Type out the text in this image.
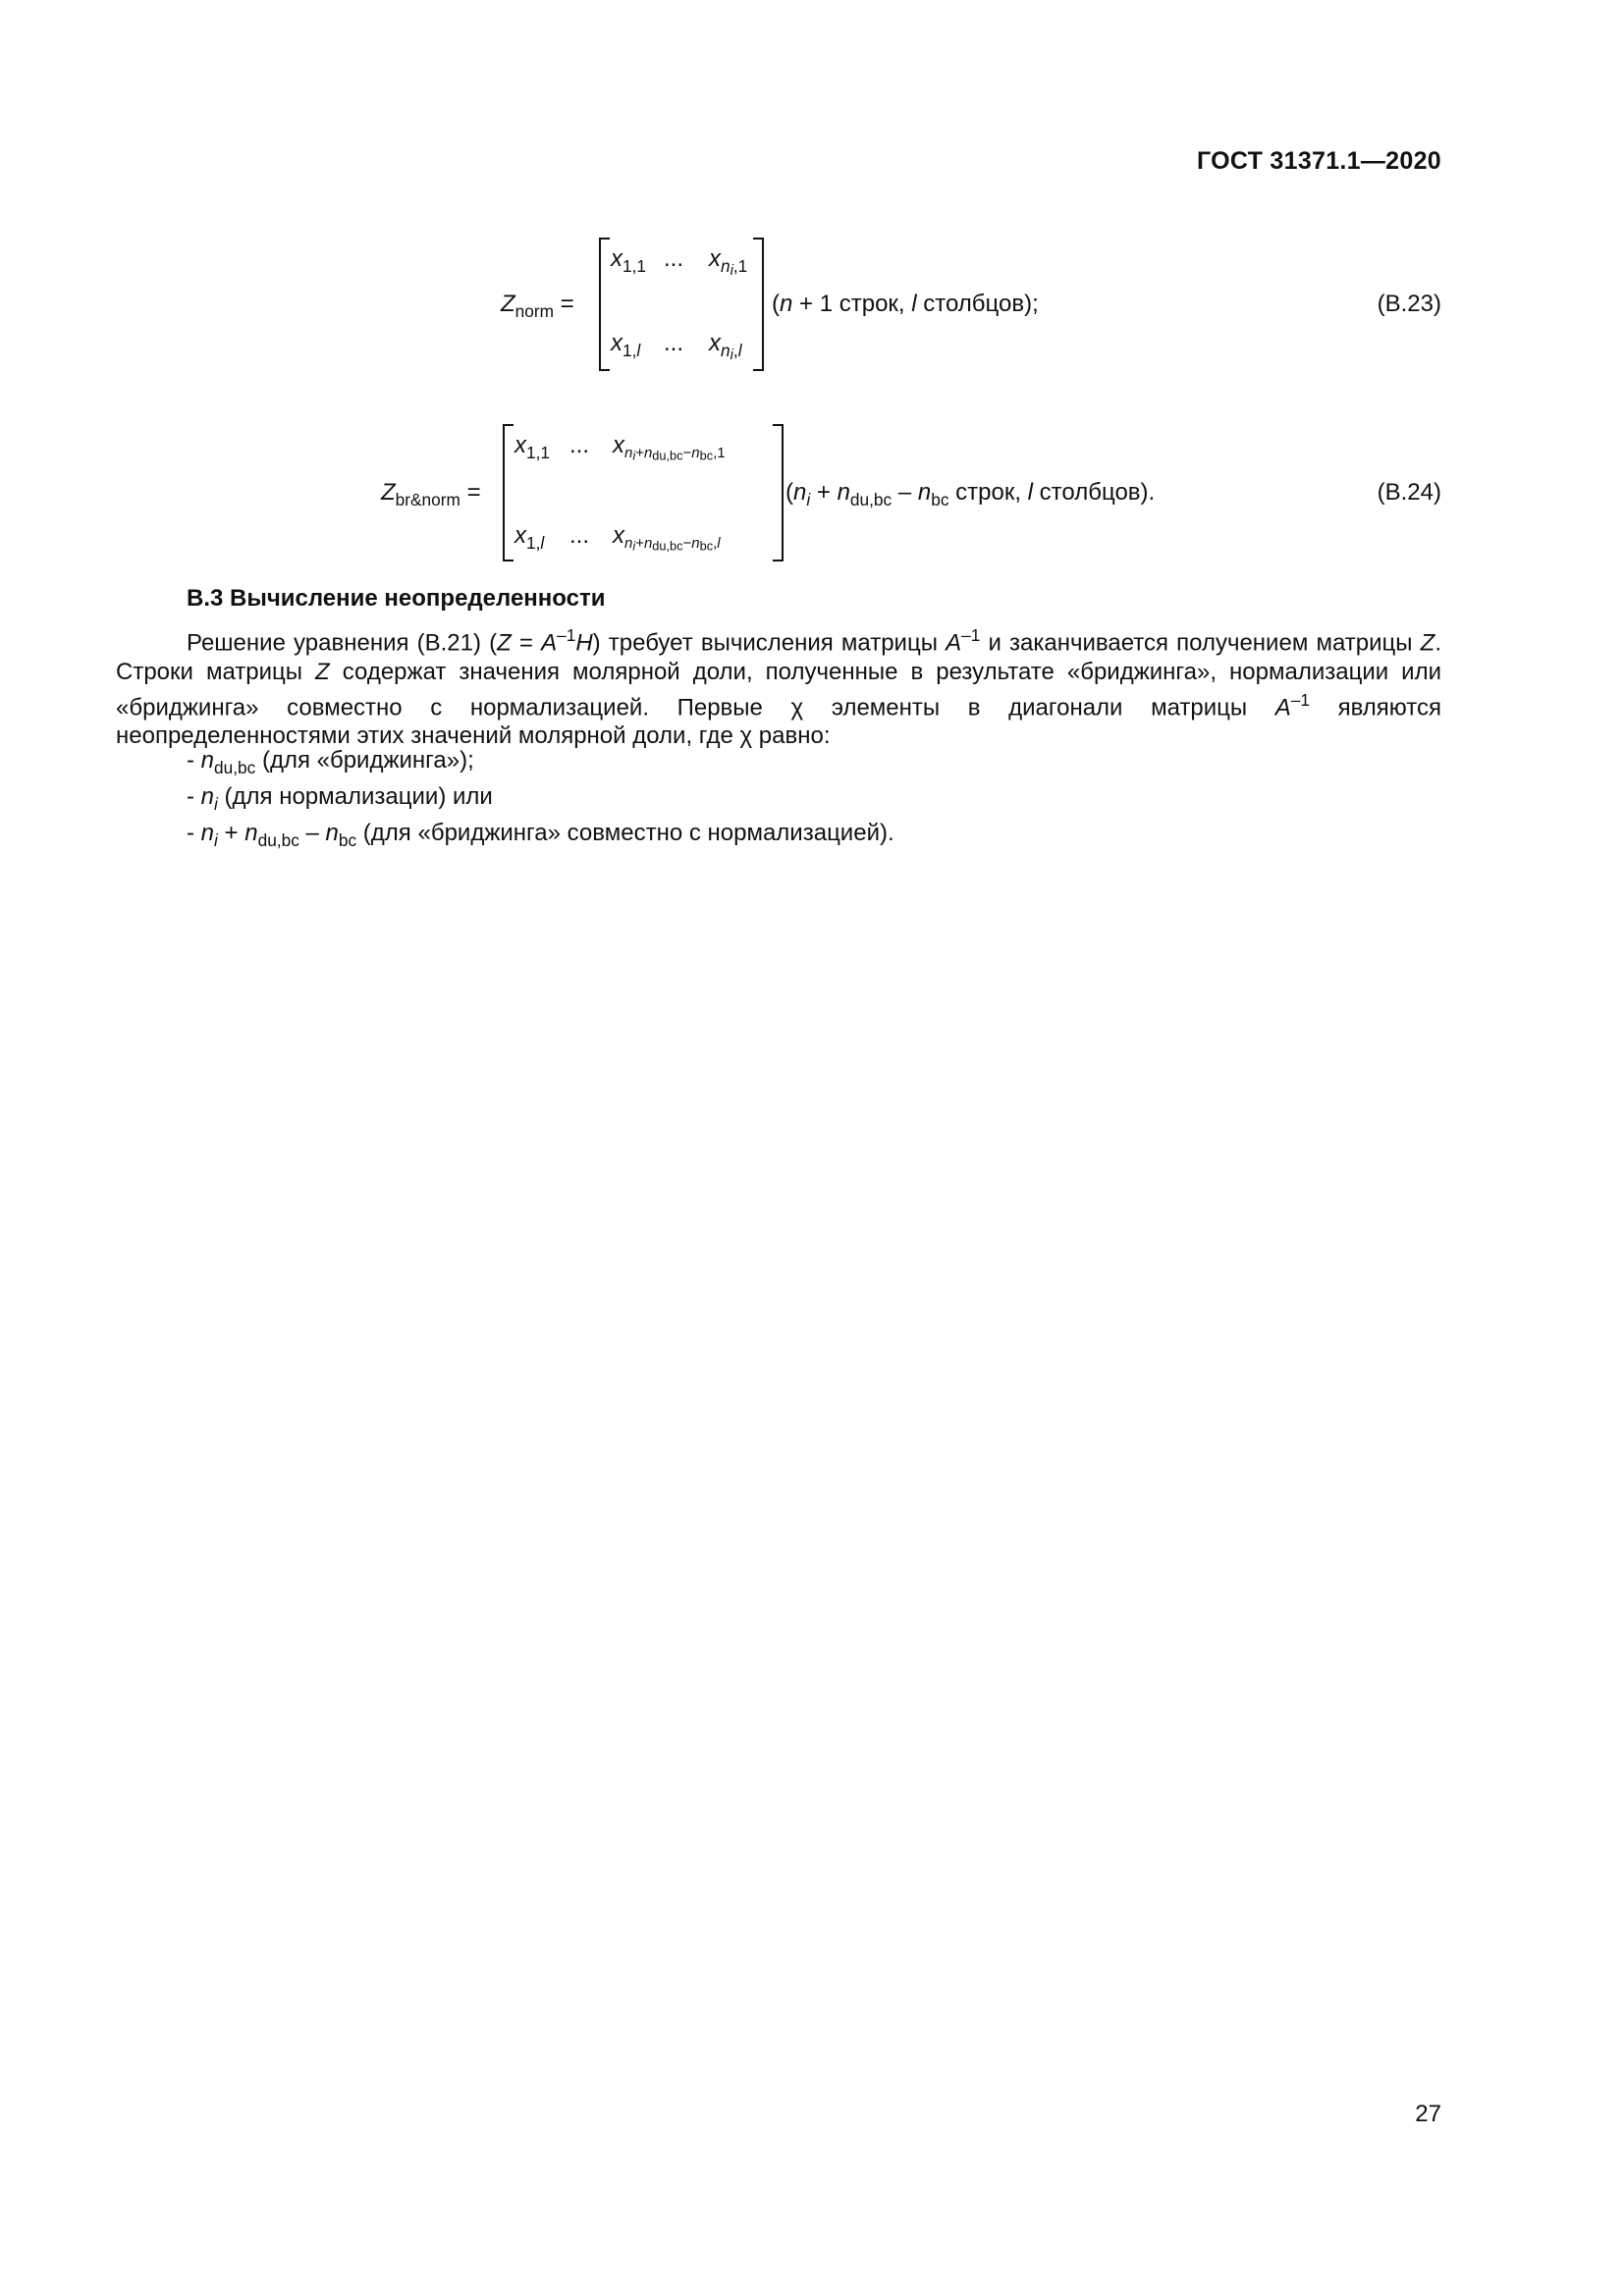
ГОСТ 31371.1—2020
$Z_{norm}$ =
$x_{1,1}$ ... $x_{ni,1}$
$x_{1,l}$ ... $x_{ni,l}$
(n + 1 строк, l столбцов);	(В.23)
$Z_{br\&norm}$ =
$x_{1,1}$ ... $x_{ni+ndu,bc-nbc,1}$
$x_{1,l}$ ... $x_{ni+ndu,bc-nbc,l}$
($n_i + n_{du,bc} - n_{bc}$ строк, l столбцов).	(В.24)
В.3 Вычисление неопределенности
Решение уравнения (В.21) $(Z = A^{-1}H)$ требует вычисления матрицы $A^{-1}$ и заканчивается получением матрицы Z. Строки матрицы Z содержат значения молярной доли, полученные в результате «бриджинга», нормализации или «бриджинга» совместно с нормализацией. Первые χ элементы в диагонали матрицы $A^{-1}$ являются неопределенностями этих значений молярной доли, где χ равно:
- $n_{du,bc}$ (для «бриджинга»);
- $n_i$ (для нормализации) или
- $n_i + n_{du,bc} - n_{bc}$ (для «бриджинга» совместно с нормализацией).
27
